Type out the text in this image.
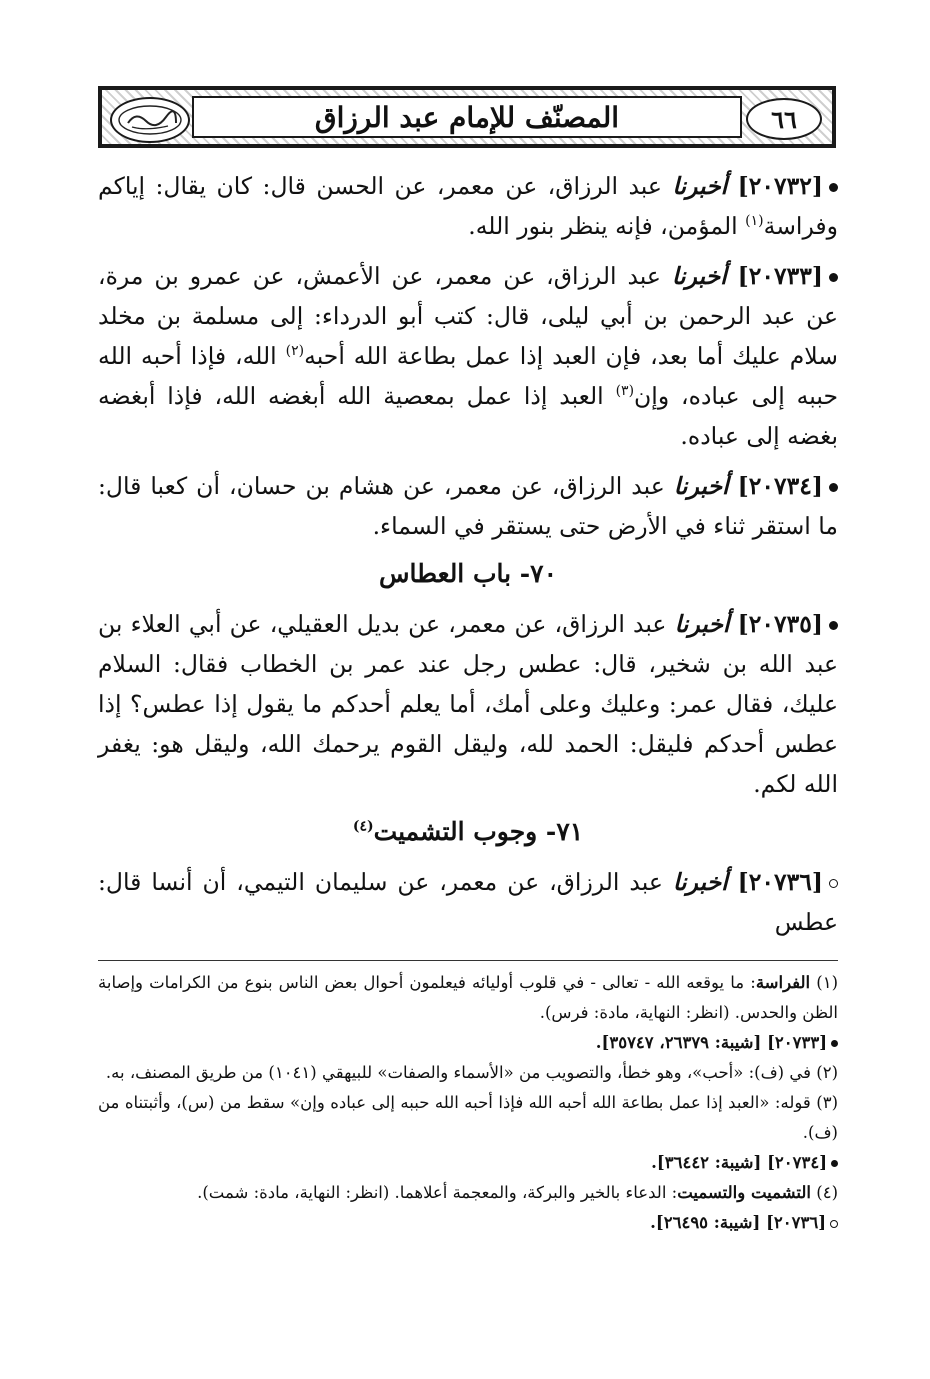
المصنّف للإمام عبد الرزاق	٦٦

[٢٠٧٣٢] أخبرنا عبد الرزاق، عن معمر، عن الحسن قال: كان يقال: إياكم وفراسة$^{(١)}$ المؤمن، فإنه ينظر بنور الله.

[٢٠٧٣٣] أخبرنا عبد الرزاق، عن معمر، عن الأعمش، عن عمرو بن مرة، عن عبد الرحمن بن أبي ليلى، قال: كتب أبو الدرداء: إلى مسلمة بن مخلد سلام عليك أما بعد، فإن العبد إذا عمل بطاعة الله أحبه$^{(٢)}$ الله، فإذا أحبه الله حببه إلى عباده، وإن$^{(٣)}$ العبد إذا عمل بمعصية الله أبغضه الله، فإذا أبغضه بغضه إلى عباده.

[٢٠٧٣٤] أخبرنا عبد الرزاق، عن معمر، عن هشام بن حسان، أن كعبا قال: ما استقر ثناء في الأرض حتى يستقر في السماء.

٧٠- باب العطاس

[٢٠٧٣٥] أخبرنا عبد الرزاق، عن معمر، عن بديل العقيلي، عن أبي العلاء بن عبد الله بن شخير، قال: عطس رجل عند عمر بن الخطاب فقال: السلام عليك، فقال عمر: وعليك وعلى أمك، أما يعلم أحدكم ما يقول إذا عطس؟ إذا عطس أحدكم فليقل: الحمد لله، وليقل القوم يرحمك الله، وليقل هو: يغفر الله لكم.

٧١- وجوب التشميت$^{(٤)}$

[٢٠٧٣٦] أخبرنا عبد الرزاق، عن معمر، عن سليمان التيمي، أن أنسا قال: عطس

(١) الفراسة: ما يوقعه الله - تعالى - في قلوب أوليائه فيعلمون أحوال بعض الناس بنوع من الكرامات وإصابة الظن والحدس. (انظر: النهاية، مادة: فرس).

[٢٠٧٣٣] [شيبة: ٢٦٣٧٩، ٣٥٧٤٧].

(٢) في (ف): «أحب»، وهو خطأ، والتصويب من «الأسماء والصفات» للبيهقي (١٠٤١) من طريق المصنف، به.

(٣) قوله: «العبد إذا عمل بطاعة الله أحبه الله فإذا أحبه الله حببه إلى عباده وإن» سقط من (س)، وأثبتناه من (ف).

[٢٠٧٣٤] [شيبة: ٣٦٤٤٢].

(٤) التشميت والتسميت: الدعاء بالخير والبركة، والمعجمة أعلاهما. (انظر: النهاية، مادة: شمت).

[٢٠٧٣٦] [شيبة: ٢٦٤٩٥].
